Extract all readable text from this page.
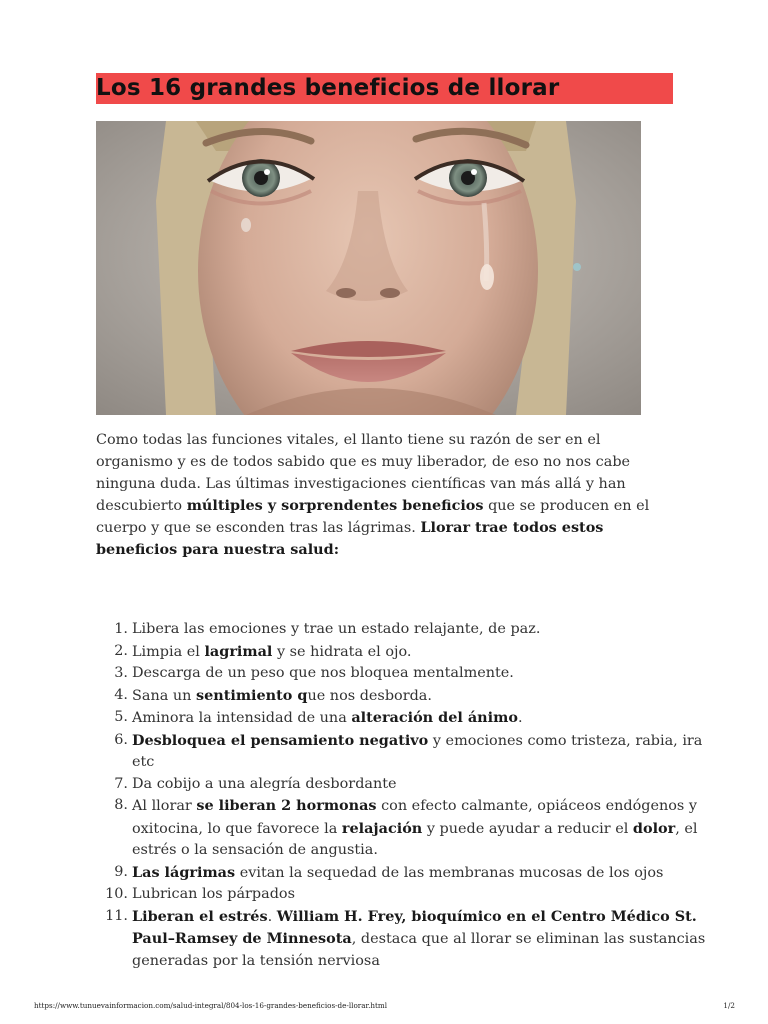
Los 16 grandes beneficios de llorar

Como todas las funciones vitales, el llanto tiene su razón de ser en el organismo y es de todos sabido que es muy liberador, de eso no nos cabe ninguna duda. Las últimas investigaciones científicas van más allá y han descubierto múltiples y sorprendentes beneficios que se producen en el cuerpo y que se esconden tras las lágrimas. Llorar trae todos estos beneficios para nuestra salud:

1. Libera las emociones y trae un estado relajante, de paz.
2. Limpia el lagrimal y se hidrata el ojo.
3. Descarga de un peso que nos bloquea mentalmente.
4. Sana un sentimiento que nos desborda.
5. Aminora la intensidad de una alteración del ánimo.
6. Desbloquea el pensamiento negativo y emociones como tristeza, rabia, ira etc
7. Da cobijo a una alegría desbordante
8. Al llorar se liberan 2 hormonas con efecto calmante, opiáceos endógenos y oxitocina, lo que favorece la relajación y puede ayudar a reducir el dolor, el estrés o la sensación de angustia.
9. Las lágrimas evitan la sequedad de las membranas mucosas de los ojos
10. Lubrican los párpados
11. Liberan el estrés. William H. Frey, bioquímico en el Centro Médico St. Paul–Ramsey de Minnesota, destaca que al llorar se eliminan las sustancias generadas por la tensión nerviosa
https://www.tunuevainformacion.com/salud-integral/804-los-16-grandes-beneficios-de-llorar.html	1/2
